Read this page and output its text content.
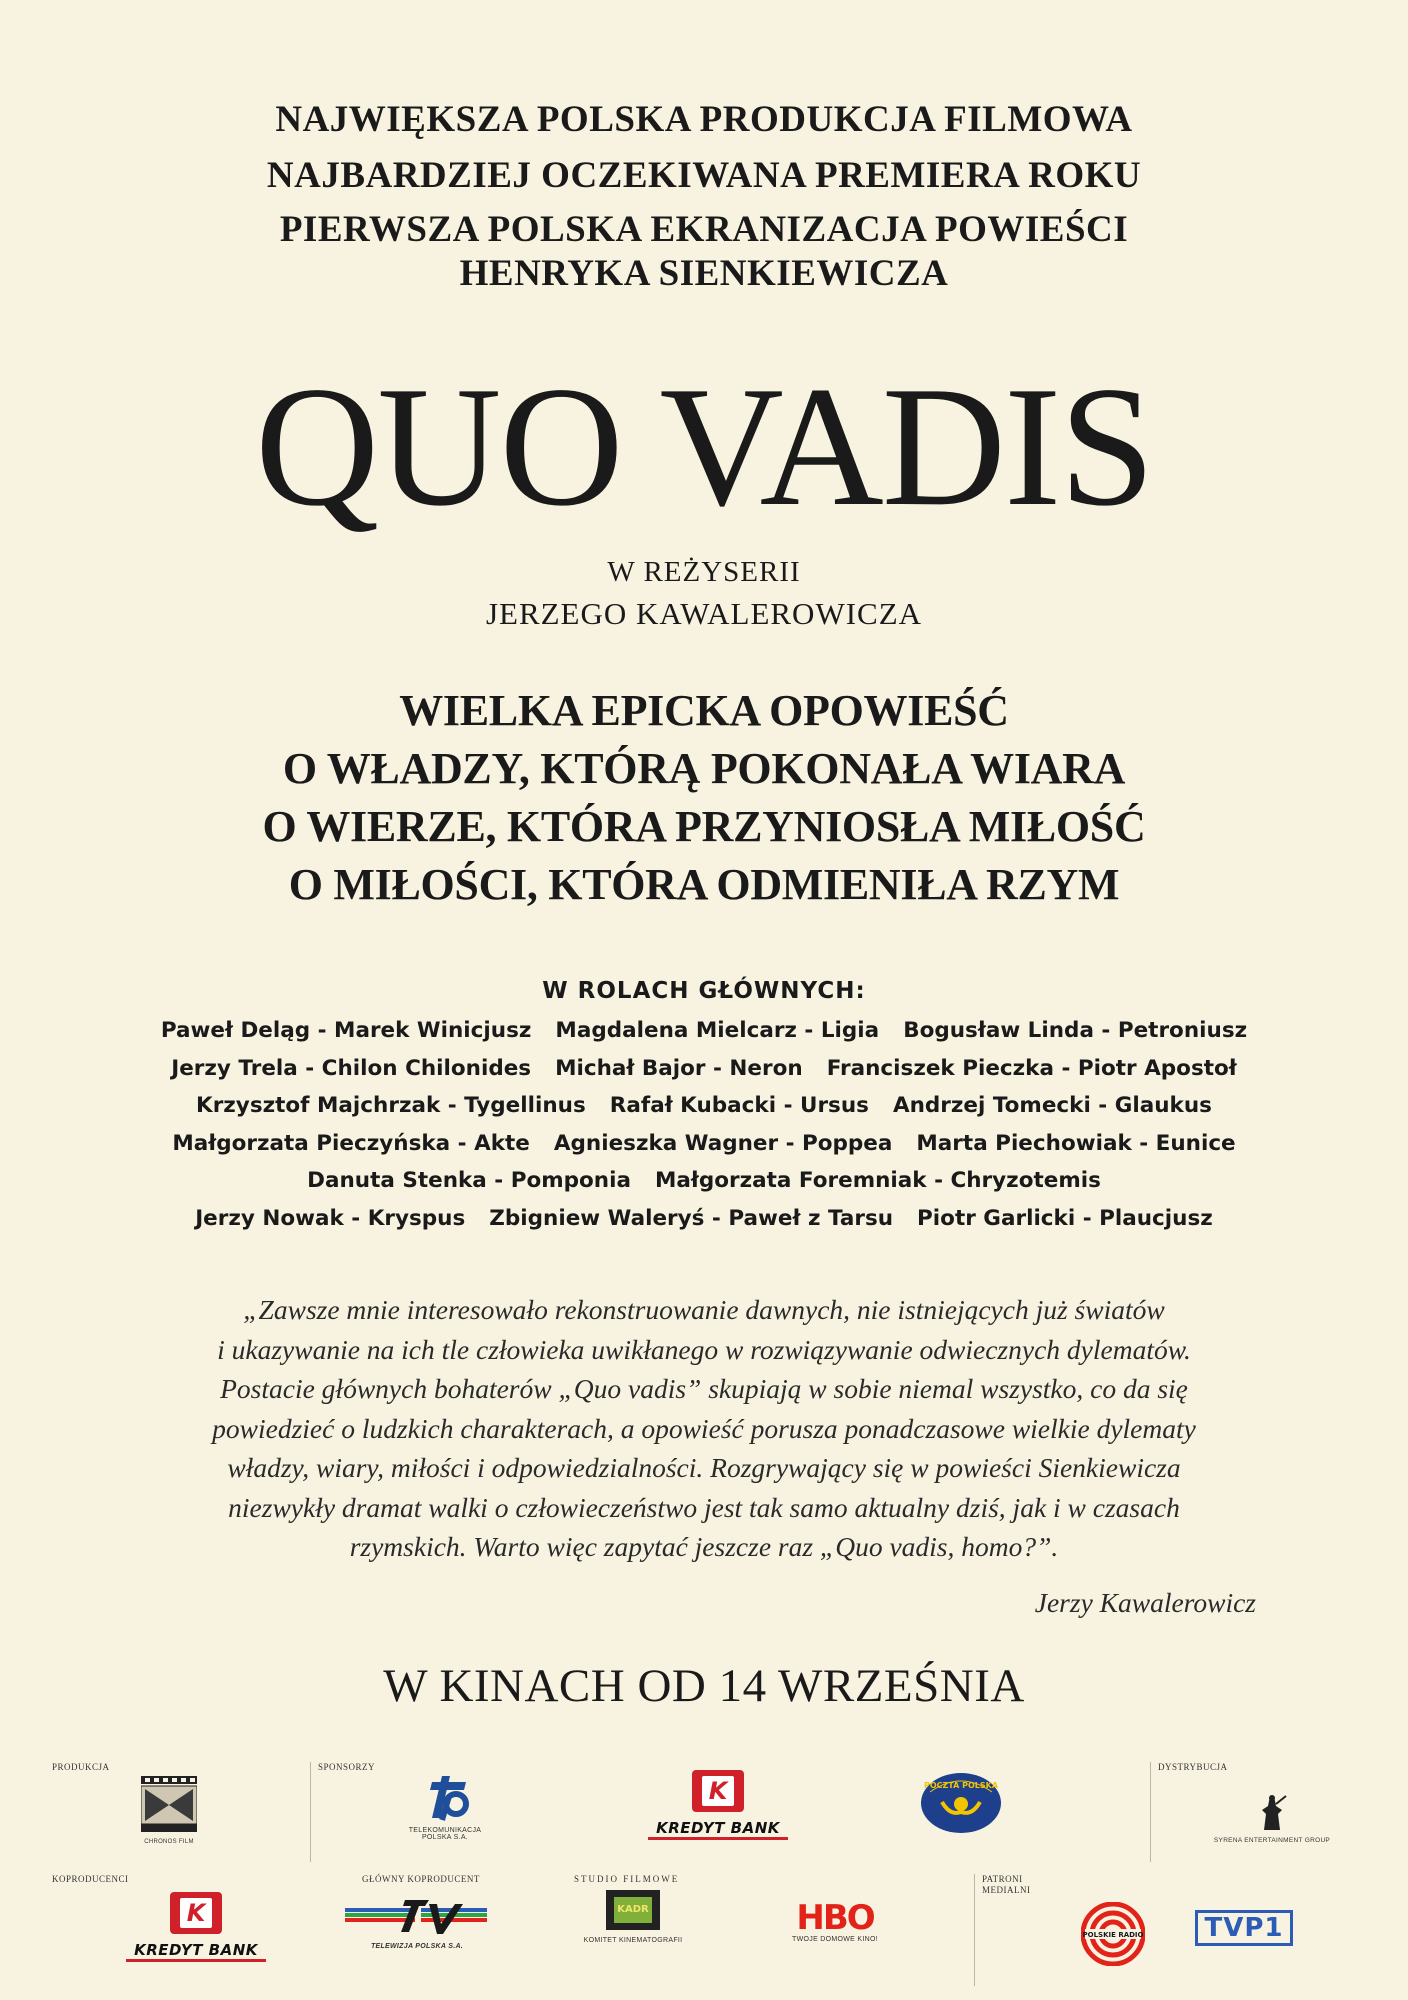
NAJWIĘKSZA POLSKA PRODUKCJA FILMOWA
NAJBARDZIEJ OCZEKIWANA PREMIERA ROKU
PIERWSZA POLSKA EKRANIZACJA POWIEŚCI
HENRYKA SIENKIEWICZA
QUO VADIS
W REŻYSERII
JERZEGO KAWALEROWICZA
WIELKA EPICKA OPOWIEŚĆ
O WŁADZY, KTÓRĄ POKONAŁA WIARA
O WIERZE, KTÓRA PRZYNIOSŁA MIŁOŚĆ
O MIŁOŚCI, KTÓRA ODMIENIŁA RZYM
W ROLACH GŁÓWNYCH:
Paweł Deląg - Marek Winicjusz Magdalena Mielcarz - Ligia Bogusław Linda - Petroniusz
Jerzy Trela - Chilon Chilonides Michał Bajor - Neron Franciszek Pieczka - Piotr Apostoł
Krzysztof Majchrzak - Tygellinus Rafał Kubacki - Ursus Andrzej Tomecki - Glaukus
Małgorzata Pieczyńska - Akte Agnieszka Wagner - Poppea Marta Piechowiak - Eunice
Danuta Stenka - Pomponia Małgorzata Foremniak - Chryzotemis
Jerzy Nowak - Kryspus Zbigniew Waleryś - Paweł z Tarsu Piotr Garlicki - Plaucjusz
„Zawsze mnie interesowało rekonstruowanie dawnych, nie istniejących już światów
i ukazywanie na ich tle człowieka uwikłanego w rozwiązywanie odwiecznych dylematów.
Postacie głównych bohaterów „Quo vadis” skupiają w sobie niemal wszystko, co da się
powiedzieć o ludzkich charakterach, a opowieść porusza ponadczasowe wielkie dylematy
władzy, wiary, miłości i odpowiedzialności. Rozgrywający się w powieści Sienkiewicza
niezwykły dramat walki o człowieczeństwo jest tak samo aktualny dziś, jak i w czasach
rzymskich. Warto więc zapytać jeszcze raz „Quo vadis, homo?”.
Jerzy Kawalerowicz
W KINACH OD 14 WRZEŚNIA
PRODUKCJA
CHRONOS FILM
SPONSORZY
TELEKOMUNIKACJA
POLSKA S.A.
K
KREDYT BANK
POCZTA POLSKA
DYSTRYBUCJA
SYRENA ENTERTAINMENT GROUP
KOPRODUCENCI
K
KREDYT BANK
GŁÓWNY KOPRODUCENT
TELEWIZJA POLSKA S.A.
STUDIO FILMOWE
KADR
KOMITET KINEMATOGRAFII
HBO
TWOJE DOMOWE KINO!
PATRONI
MEDIALNI
POLSKIE RADIO	TVP1
